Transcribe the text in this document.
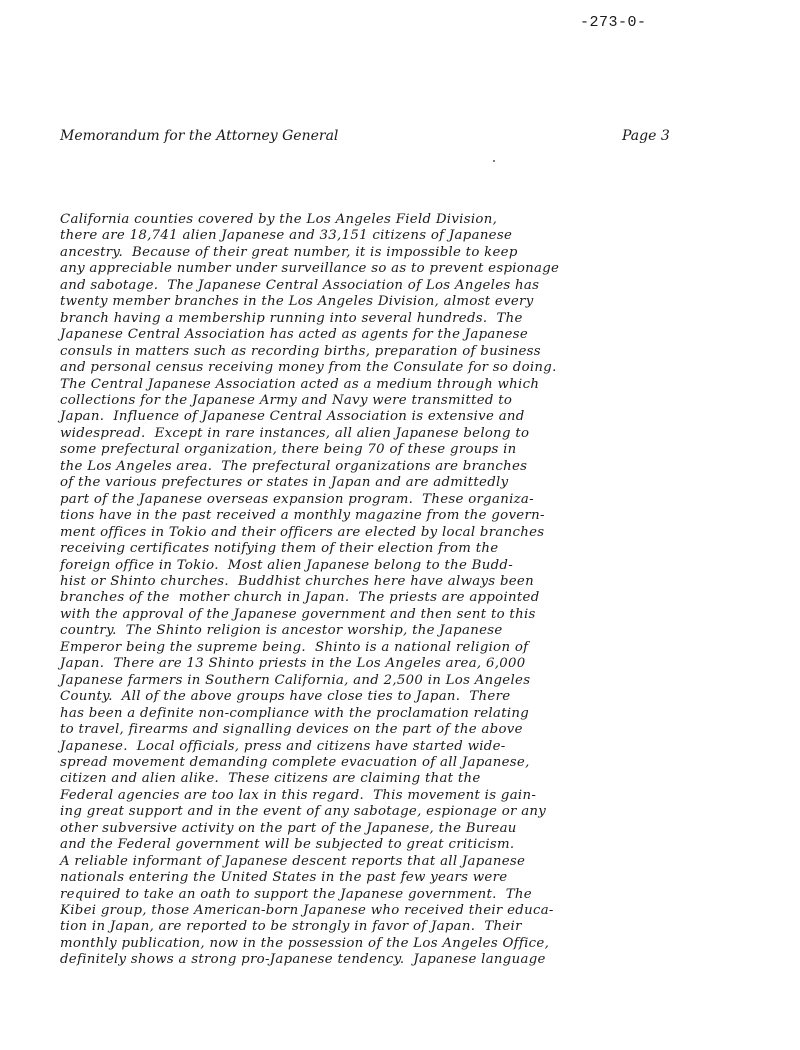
-273-0-
Memorandum for the Attorney General	Page 3

California counties covered by the Los Angeles Field Division,
there are 18,741 alien Japanese and 33,151 citizens of Japanese
ancestry.  Because of their great number, it is impossible to keep
any appreciable number under surveillance so as to prevent espionage
and sabotage.  The Japanese Central Association of Los Angeles has
twenty member branches in the Los Angeles Division, almost every
branch having a membership running into several hundreds.  The
Japanese Central Association has acted as agents for the Japanese
consuls in matters such as recording births, preparation of business
and personal census receiving money from the Consulate for so doing.
The Central Japanese Association acted as a medium through which
collections for the Japanese Army and Navy were transmitted to
Japan.  Influence of Japanese Central Association is extensive and
widespread.  Except in rare instances, all alien Japanese belong to
some prefectural organization, there being 70 of these groups in
the Los Angeles area.  The prefectural organizations are branches
of the various prefectures or states in Japan and are admittedly
part of the Japanese overseas expansion program.  These organiza-
tions have in the past received a monthly magazine from the govern-
ment offices in Tokio and their officers are elected by local branches
receiving certificates notifying them of their election from the
foreign office in Tokio.  Most alien Japanese belong to the Budd-
hist or Shinto churches.  Buddhist churches here have always been
branches of the  mother church in Japan.  The priests are appointed
with the approval of the Japanese government and then sent to this
country.  The Shinto religion is ancestor worship, the Japanese
Emperor being the supreme being.  Shinto is a national religion of
Japan.  There are 13 Shinto priests in the Los Angeles area, 6,000
Japanese farmers in Southern California, and 2,500 in Los Angeles
County.  All of the above groups have close ties to Japan.  There
has been a definite non-compliance with the proclamation relating
to travel, firearms and signalling devices on the part of the above
Japanese.  Local officials, press and citizens have started wide-
spread movement demanding complete evacuation of all Japanese,
citizen and alien alike.  These citizens are claiming that the
Federal agencies are too lax in this regard.  This movement is gain-
ing great support and in the event of any sabotage, espionage or any
other subversive activity on the part of the Japanese, the Bureau
and the Federal government will be subjected to great criticism.
A reliable informant of Japanese descent reports that all Japanese
nationals entering the United States in the past few years were
required to take an oath to support the Japanese government.  The
Kibei group, those American-born Japanese who received their educa-
tion in Japan, are reported to be strongly in favor of Japan.  Their
monthly publication, now in the possession of the Los Angeles Office,
definitely shows a strong pro-Japanese tendency.  Japanese language
